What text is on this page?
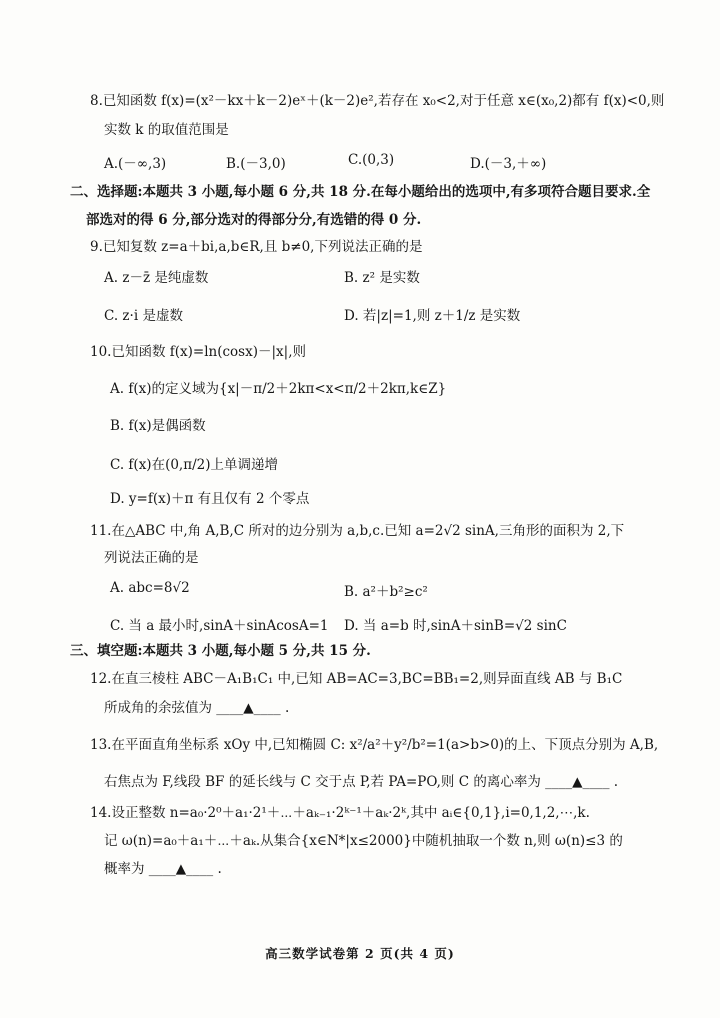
8.已知函数 f(x)=(x²－kx＋k－2)eˣ＋(k－2)e²,若存在 x₀<2,对于任意 x∈(x₀,2)都有 f(x)<0,则
实数 k 的取值范围是
A.(－∞,3)	B.(－3,0)	C.(0,3)	D.(－3,＋∞)
二、选择题:本题共 3 小题,每小题 6 分,共 18 分.在每小题给出的选项中,有多项符合题目要求.全
部选对的得 6 分,部分选对的得部分分,有选错的得 0 分.
9.已知复数 z=a＋bi,a,b∈R,且 b≠0,下列说法正确的是
A. z－z̄ 是纯虚数	B. z² 是实数
C. z·i 是虚数	D. 若|z|=1,则 z＋1/z 是实数
10.已知函数 f(x)=ln(cosx)－|x|,则
A. f(x)的定义域为{x|－π/2＋2kπ<x<π/2＋2kπ,k∈Z}
B. f(x)是偶函数
C. f(x)在(0,π/2)上单调递增
D. y=f(x)＋π 有且仅有 2 个零点
11.在△ABC 中,角 A,B,C 所对的边分别为 a,b,c.已知 a=2√2 sinA,三角形的面积为 2,下
列说法正确的是
A. abc=8√2	B. a²＋b²≥c²
C. 当 a 最小时,sinA＋sinAcosA=1 D. 当 a=b 时,sinA＋sinB=√2 sinC
三、填空题:本题共 3 小题,每小题 5 分,共 15 分.
12.在直三棱柱 ABC－A₁B₁C₁ 中,已知 AB=AC=3,BC=BB₁=2,则异面直线 AB 与 B₁C
所成角的余弦值为 ____▲____ .
13.在平面直角坐标系 xOy 中,已知椭圆 C: x²/a²＋y²/b²=1(a>b>0)的上、下顶点分别为 A,B,
右焦点为 F,线段 BF 的延长线与 C 交于点 P,若 PA=PO,则 C 的离心率为 ____▲____ .
14.设正整数 n=a₀·2⁰＋a₁·2¹＋⋯＋aₖ₋₁·2ᵏ⁻¹＋aₖ·2ᵏ,其中 aᵢ∈{0,1},i=0,1,2,⋯,k.
记 ω(n)=a₀＋a₁＋⋯＋aₖ.从集合{x∈N*|x≤2000}中随机抽取一个数 n,则 ω(n)≤3 的
概率为 ____▲____ .
高三数学试卷第 2 页(共 4 页)
